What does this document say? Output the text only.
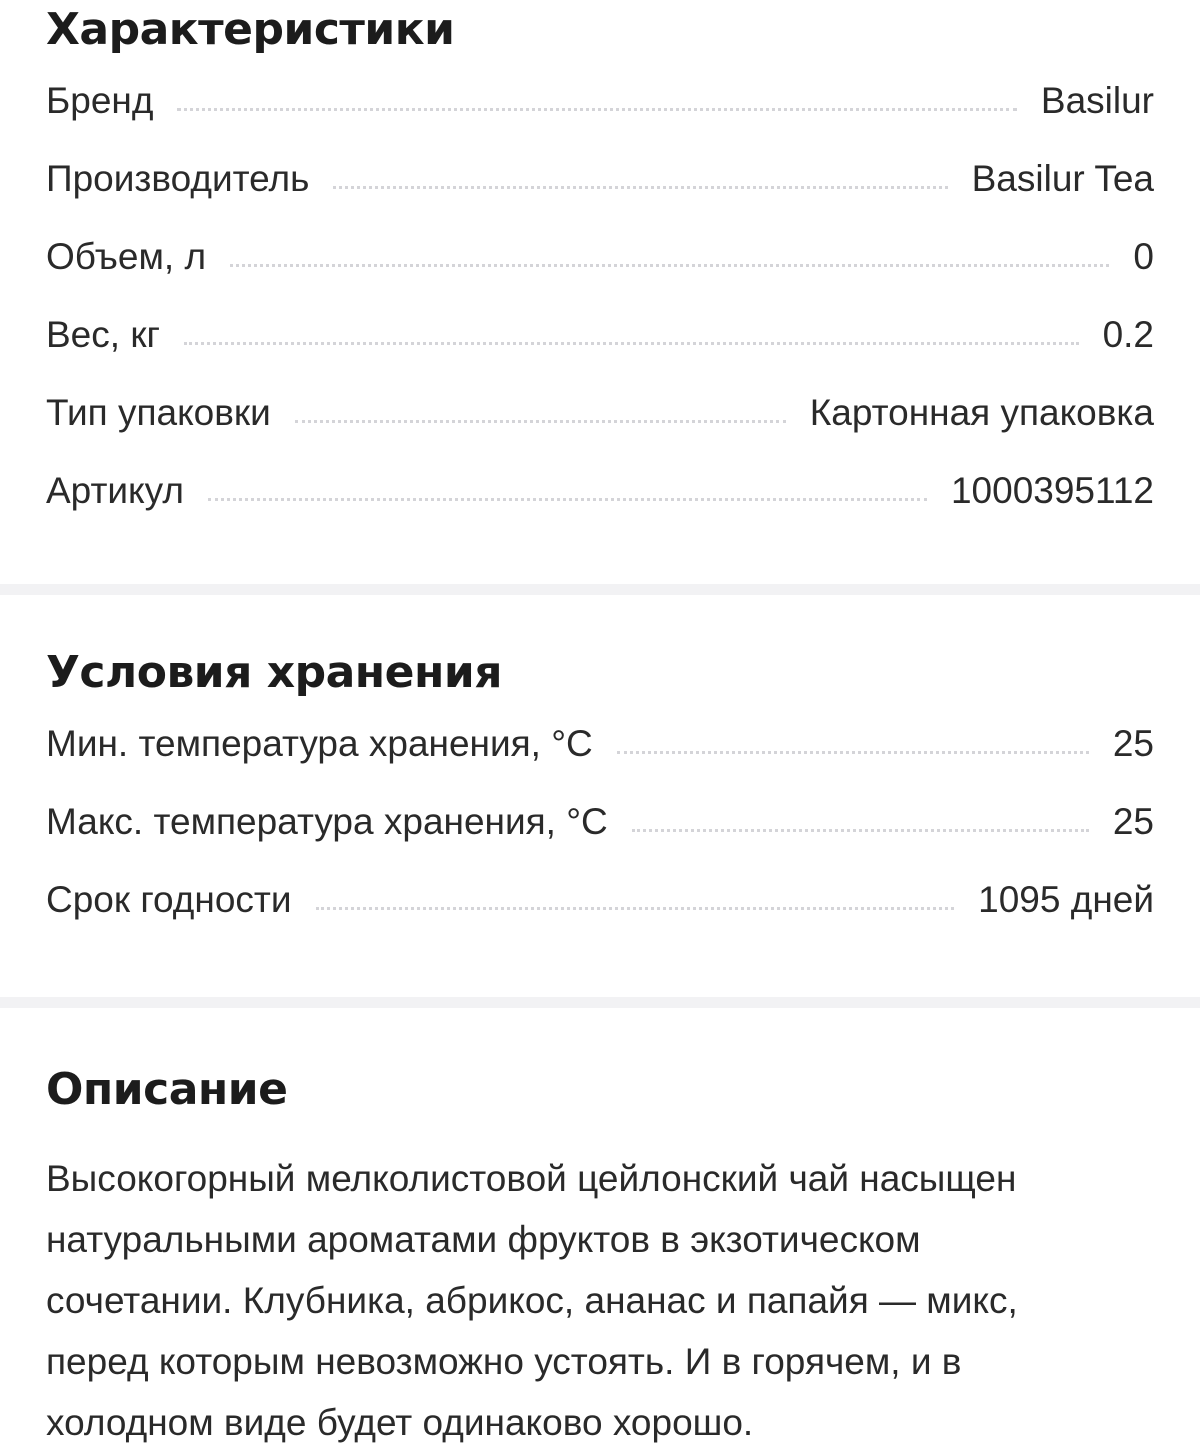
Характеристики
Бренд	Basilur
Производитель	Basilur Tea
Объем, л	0
Вес, кг	0.2
Тип упаковки	Картонная упаковка
Артикул	1000395112
Условия хранения
Мин. температура хранения, °С	25
Макс. температура хранения, °С	25
Срок годности	1095 дней
Описание

Высокогорный мелколистовой цейлонский чай насыщен натуральными ароматами фруктов в экзотическом сочетании. Клубника, абрикос, ананас и папайя — микс, перед которым невозможно устоять. И в горячем, и в холодном виде будет одинаково хорошо.
